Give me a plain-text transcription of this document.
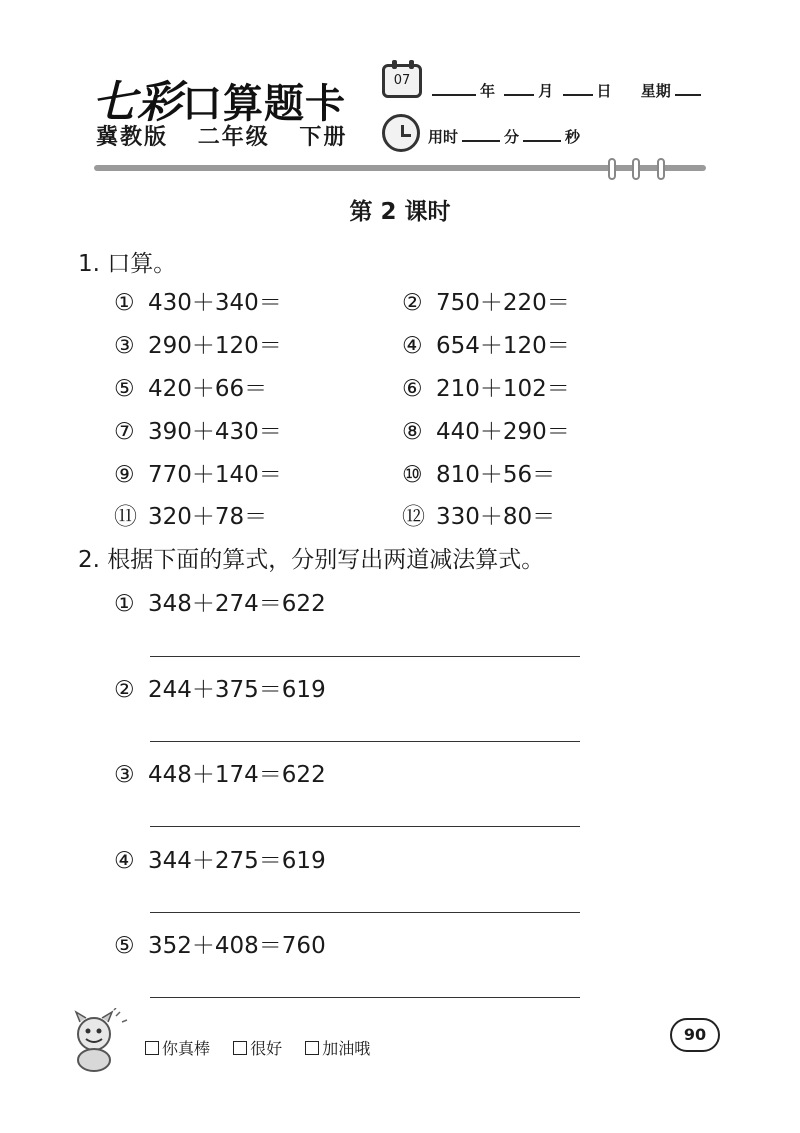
七彩口算题卡
冀教版 二年级 下册
07
年	月	日 星期
用时	分	秒
第 2 课时
1. 口算。
① 430＋340＝	② 750＋220＝
③ 290＋120＝	④ 654＋120＝
⑤ 420＋66＝	⑥ 210＋102＝
⑦ 390＋430＝	⑧ 440＋290＝
⑨ 770＋140＝	⑩ 810＋56＝
⑪ 320＋78＝	⑫ 330＋80＝
2. 根据下面的算式，分别写出两道减法算式。
① 348＋274＝622
② 244＋375＝619
③ 448＋174＝622
④ 344＋275＝619
⑤ 352＋408＝760
你真棒	很好	加油哦
90
